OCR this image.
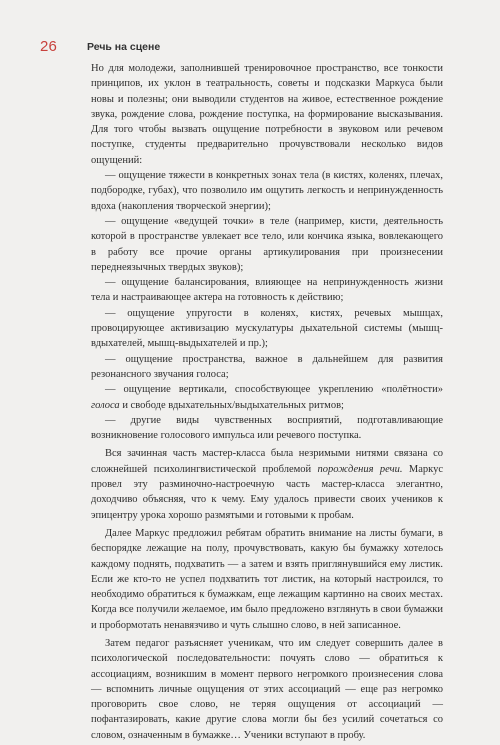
26	Речь на сцене

Но для молодежи, заполнившей тренировочное пространство, все тонкости принципов, их уклон в театральность, советы и подсказки Маркуса были новы и полезны; они выводили студентов на живое, естественное рождение звука, рождение слова, рождение поступка, на формирование высказывания. Для того чтобы вызвать ощущение потребности в звуковом или речевом поступке, студенты предварительно прочувствовали несколько видов ощущений:

— ощущение тяжести в конкретных зонах тела (в кистях, коленях, плечах, подбородке, губах), что позволило им ощутить легкость и непринужденность вдоха (накопления творческой энергии);

— ощущение «ведущей точки» в теле (например, кисти, деятельность которой в пространстве увлекает все тело, или кончика языка, вовлекающего в работу все прочие органы артикулирования при произнесении переднеязычных твердых звуков);

— ощущение балансирования, влияющее на непринужденность жизни тела и настраивающее актера на готовность к действию;

— ощущение упругости в коленях, кистях, речевых мышцах, провоцирующее активизацию мускулатуры дыхательной системы (мышц-вдыхателей, мышц-выдыхателей и пр.);

— ощущение пространства, важное в дальнейшем для развития резонансного звучания голоса;

— ощущение вертикали, способствующее укреплению «полётности» голоса и свободе вдыхательных/выдыхательных ритмов;

— другие виды чувственных восприятий, подготавливающие возникновение голосового импульса или речевого поступка.

Вся зачинная часть мастер-класса была незримыми нитями связана со сложнейшей психолингвистической проблемой порождения речи. Маркус провел эту разминочно-настроечную часть мастер-класса элегантно, доходчиво объясняя, что к чему. Ему удалось привести своих учеников к эпицентру урока хорошо размятыми и готовыми к пробам.

Далее Маркус предложил ребятам обратить внимание на листы бумаги, в беспорядке лежащие на полу, прочувствовать, какую бы бумажку хотелось каждому поднять, подхватить — а затем и взять приглянувшийся ему листик. Если же кто-то не успел подхватить тот листик, на который настроился, то необходимо обратиться к бумажкам, еще лежащим картинно на своих местах. Когда все получили желаемое, им было предложено взглянуть в свои бумажки и пробормотать ненавязчиво и чуть слышно слово, в ней записанное.

Затем педагог разъясняет ученикам, что им следует совершить далее в психологической последовательности: почуять слово — обратиться к ассоциациям, возникшим в момент первого негромкого произнесения слова — вспомнить личные ощущения от этих ассоциаций — еще раз негромко проговорить свое слово, не теряя ощущения от ассоциаций — пофантазировать, какие другие слова могли бы без усилий сочетаться со словом, означенным в бумажке… Ученики вступают в пробу.
